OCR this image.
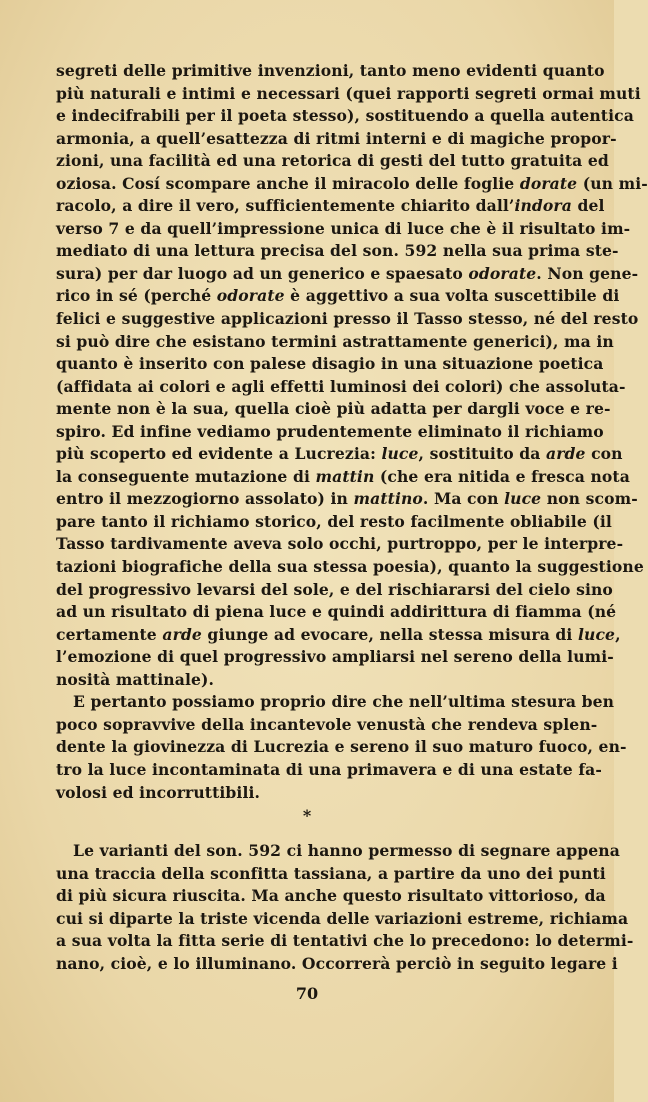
segreti delle primitive invenzioni, tanto meno evidenti quanto
più naturali e intimi e necessari (quei rapporti segreti ormai muti
e indecifrabili per il poeta stesso), sostituendo a quella autentica
armonia, a quell’esattezza di ritmi interni e di magiche propor-
zioni, una facilità ed una retorica di gesti del tutto gratuita ed
oziosa. Cosí scompare anche il miracolo delle foglie dorate (un mi-
racolo, a dire il vero, sufficientemente chiarito dall’indora del
verso 7 e da quell’impressione unica di luce che è il risultato im-
mediato di una lettura precisa del son. 592 nella sua prima ste-
sura) per dar luogo ad un generico e spaesato odorate. Non gene-
rico in sé (perché odorate è aggettivo a sua volta suscettibile di
felici e suggestive applicazioni presso il Tasso stesso, né del resto
si può dire che esistano termini astrattamente generici), ma in
quanto è inserito con palese disagio in una situazione poetica
(affidata ai colori e agli effetti luminosi dei colori) che assoluta-
mente non è la sua, quella cioè più adatta per dargli voce e re-
spiro. Ed infine vediamo prudentemente eliminato il richiamo
più scoperto ed evidente a Lucrezia: luce, sostituito da arde con
la conseguente mutazione di mattin (che era nitida e fresca nota
entro il mezzogiorno assolato) in mattino. Ma con luce non scom-
pare tanto il richiamo storico, del resto facilmente obliabile (il
Tasso tardivamente aveva solo occhi, purtroppo, per le interpre-
tazioni biografiche della sua stessa poesia), quanto la suggestione
del progressivo levarsi del sole, e del rischiararsi del cielo sino
ad un risultato di piena luce e quindi addirittura di fiamma (né
certamente arde giunge ad evocare, nella stessa misura di luce,
l’emozione di quel progressivo ampliarsi nel sereno della lumi-
nosità mattinale).
E pertanto possiamo proprio dire che nell’ultima stesura ben
poco sopravvive della incantevole venustà che rendeva splen-
dente la giovinezza di Lucrezia e sereno il suo maturo fuoco, en-
tro la luce incontaminata di una primavera e di una estate fa-
volosi ed incorruttibili.
*
Le varianti del son. 592 ci hanno permesso di segnare appena
una traccia della sconfitta tassiana, a partire da uno dei punti
di più sicura riuscita. Ma anche questo risultato vittorioso, da
cui si diparte la triste vicenda delle variazioni estreme, richiama
a sua volta la fitta serie di tentativi che lo precedono: lo determi-
nano, cioè, e lo illuminano. Occorrerà perciò in seguito legare i
70
